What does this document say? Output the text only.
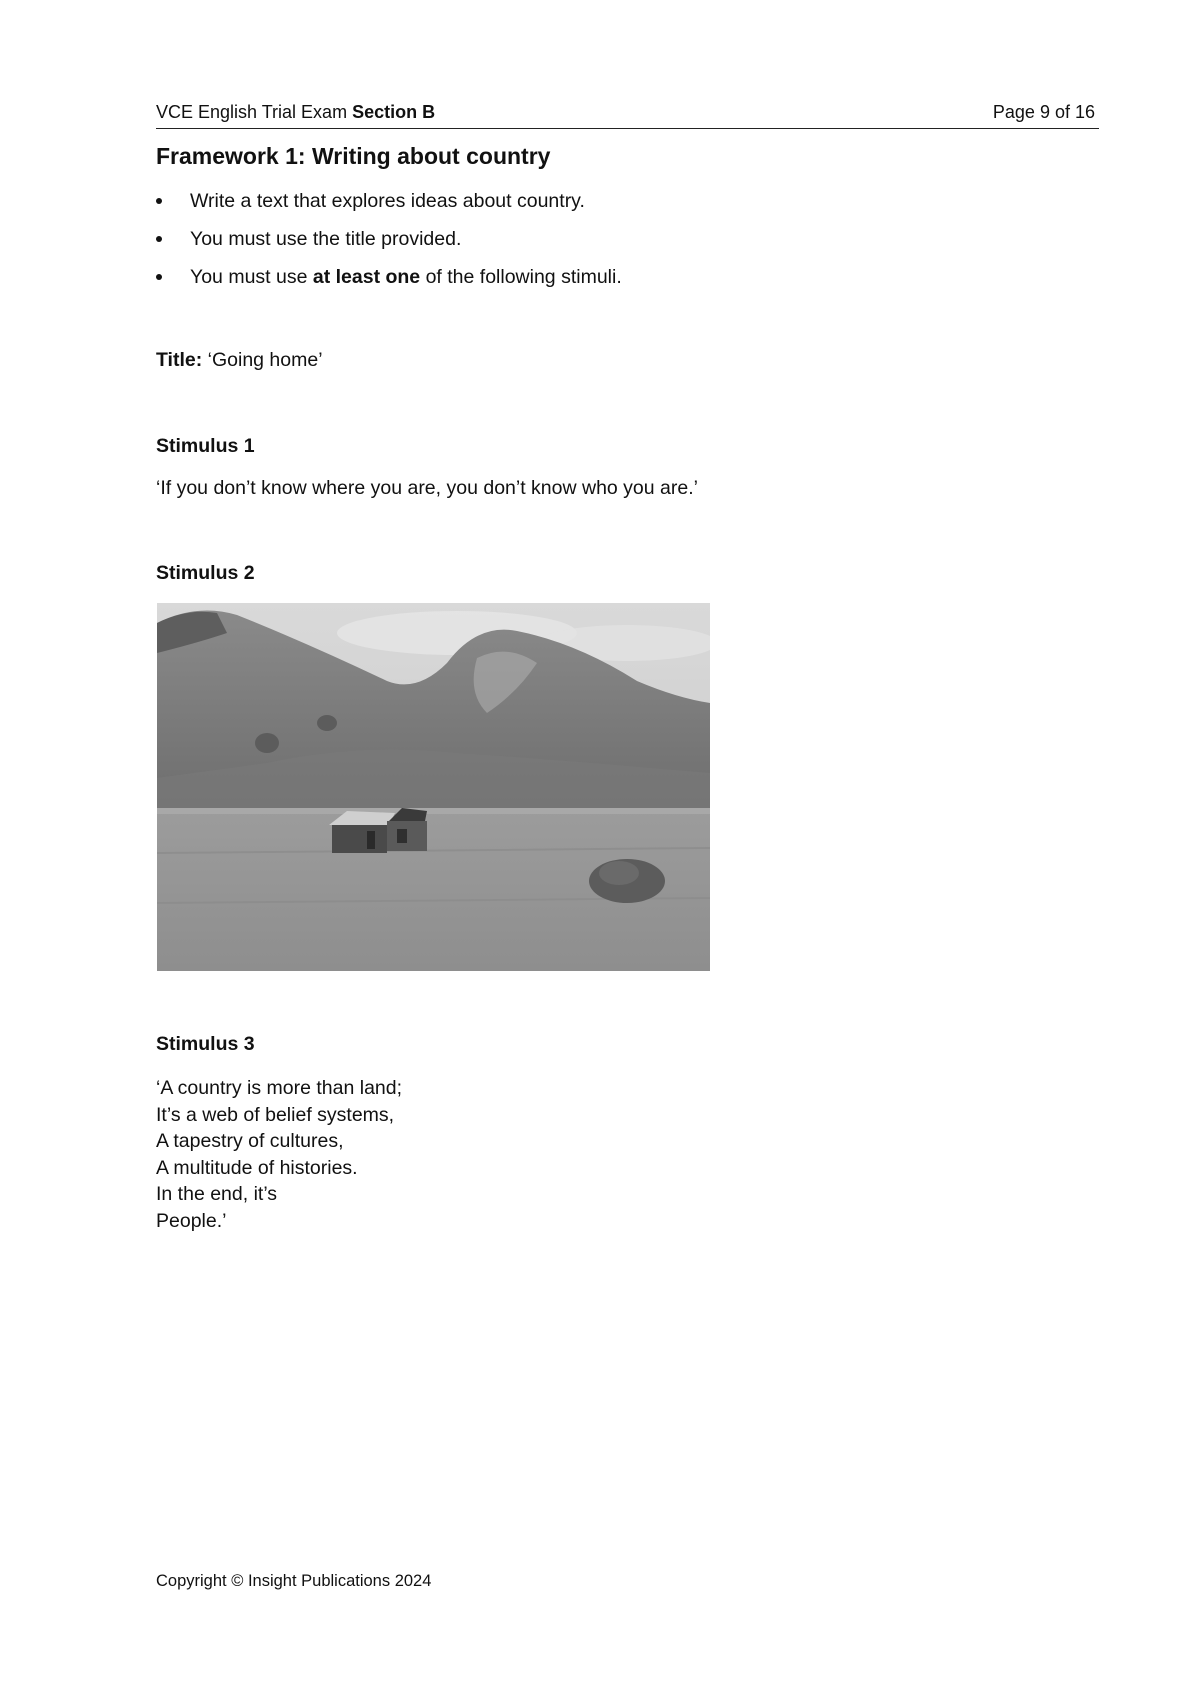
VCE English Trial Exam Section B	Page 9 of 16
Framework 1: Writing about country
Write a text that explores ideas about country.
You must use the title provided.
You must use at least one of the following stimuli.
Title: ‘Going home’
Stimulus 1
‘If you don’t know where you are, you don’t know who you are.’
Stimulus 2
Stimulus 3
‘A country is more than land;
It’s a web of belief systems,
A tapestry of cultures,
A multitude of histories.
In the end, it’s
People.’
Copyright © Insight Publications 2024
